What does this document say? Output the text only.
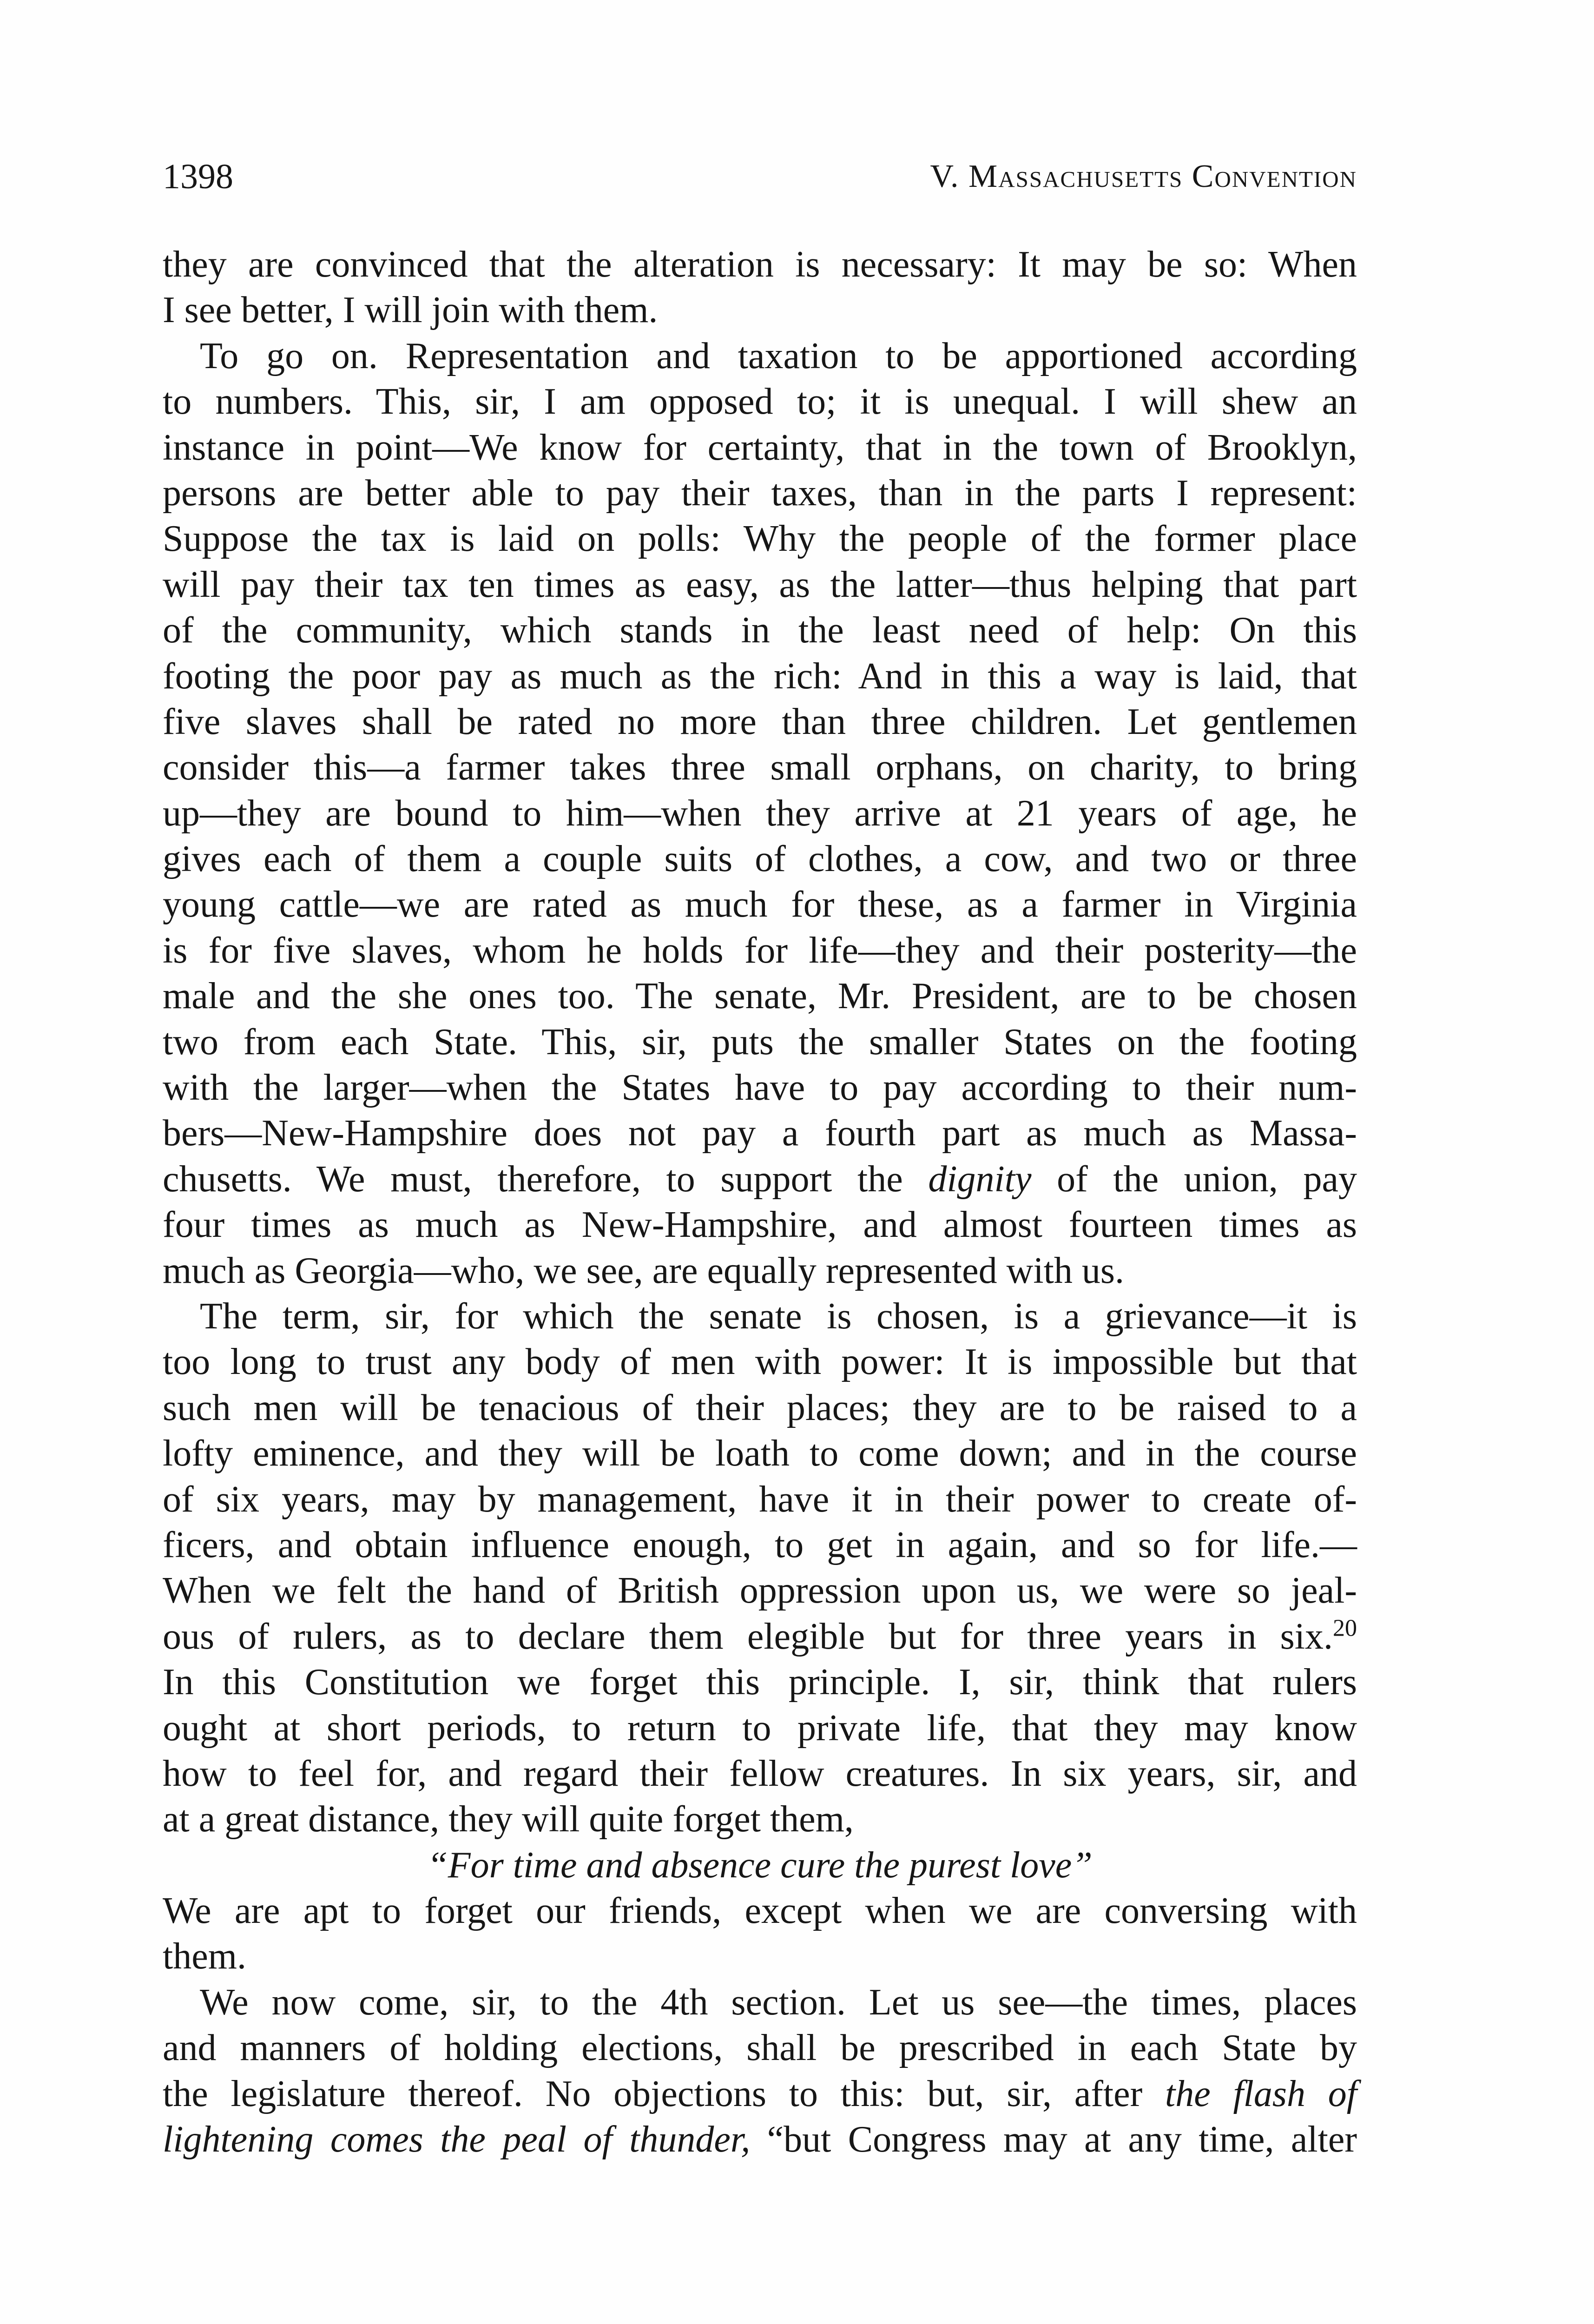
1398	V. Massachusetts Convention
they are convinced that the alteration is necessary: It may be so: When
I see better, I will join with them.
To go on. Representation and taxation to be apportioned according
to numbers. This, sir, I am opposed to; it is unequal. I will shew an
instance in point—We know for certainty, that in the town of Brooklyn,
persons are better able to pay their taxes, than in the parts I represent:
Suppose the tax is laid on polls: Why the people of the former place
will pay their tax ten times as easy, as the latter—thus helping that part
of the community, which stands in the least need of help: On this
footing the poor pay as much as the rich: And in this a way is laid, that
five slaves shall be rated no more than three children. Let gentlemen
consider this—a farmer takes three small orphans, on charity, to bring
up—they are bound to him—when they arrive at 21 years of age, he
gives each of them a couple suits of clothes, a cow, and two or three
young cattle—we are rated as much for these, as a farmer in Virginia
is for five slaves, whom he holds for life—they and their posterity—the
male and the she ones too. The senate, Mr. President, are to be chosen
two from each State. This, sir, puts the smaller States on the footing
with the larger—when the States have to pay according to their num-
bers—New-Hampshire does not pay a fourth part as much as Massa-
chusetts. We must, therefore, to support the dignity of the union, pay
four times as much as New-Hampshire, and almost fourteen times as
much as Georgia—who, we see, are equally represented with us.
The term, sir, for which the senate is chosen, is a grievance—it is
too long to trust any body of men with power: It is impossible but that
such men will be tenacious of their places; they are to be raised to a
lofty eminence, and they will be loath to come down; and in the course
of six years, may by management, have it in their power to create of-
ficers, and obtain influence enough, to get in again, and so for life.—
When we felt the hand of British oppression upon us, we were so jeal-
ous of rulers, as to declare them elegible but for three years in six.$^{20}$
In this Constitution we forget this principle. I, sir, think that rulers
ought at short periods, to return to private life, that they may know
how to feel for, and regard their fellow creatures. In six years, sir, and
at a great distance, they will quite forget them,
“For time and absence cure the purest love”
We are apt to forget our friends, except when we are conversing with
them.
We now come, sir, to the 4th section. Let us see—the times, places
and manners of holding elections, shall be prescribed in each State by
the legislature thereof. No objections to this: but, sir, after the flash of
lightening comes the peal of thunder, “but Congress may at any time, alter
